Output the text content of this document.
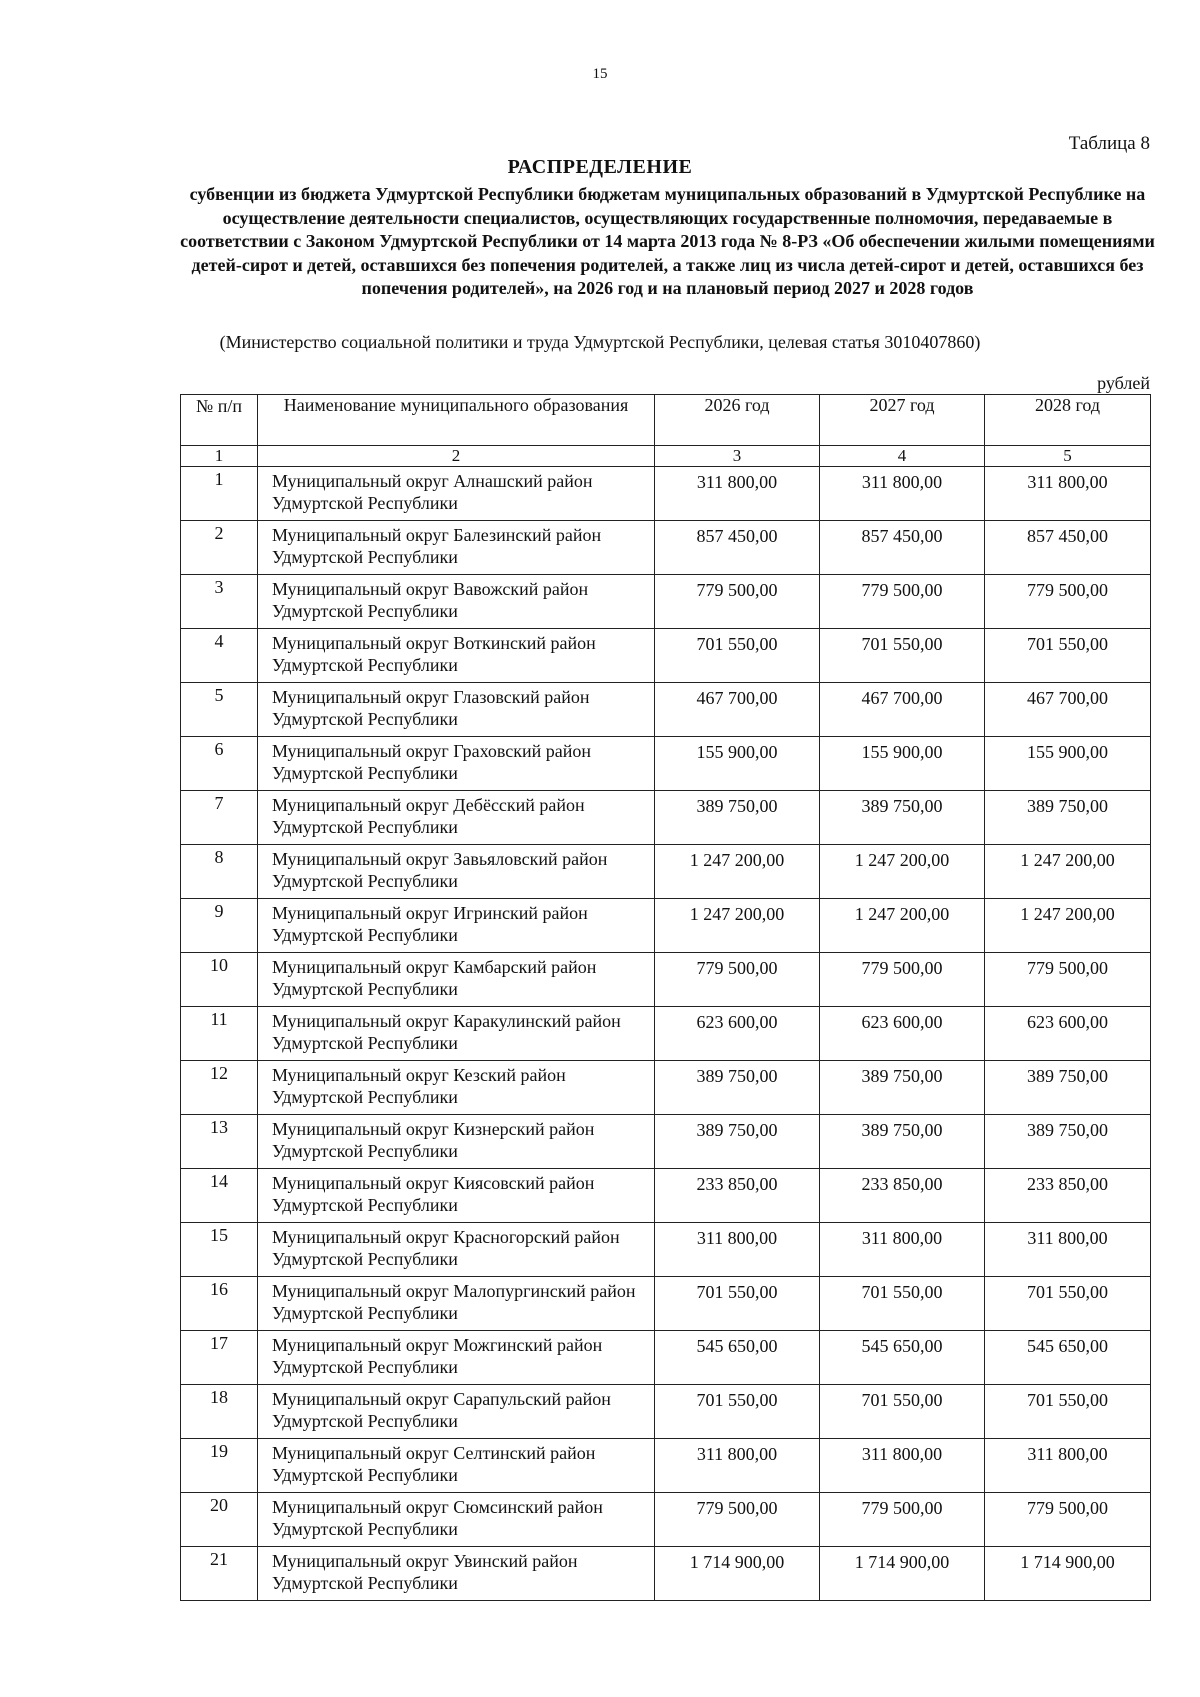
15
Таблица 8
РАСПРЕДЕЛЕНИЕ

субвенции из бюджета Удмуртской Республики бюджетам муниципальных образований в Удмуртской Республике на осуществление деятельности специалистов, осуществляющих государственные полномочия, передаваемые в соответствии с Законом Удмуртской Республики от 14 марта 2013 года № 8-РЗ «Об обеспечении жилыми помещениями детей-сирот и детей, оставшихся без попечения родителей, а также лиц из числа детей-сирот и детей, оставшихся без попечения родителей», на 2026 год и на плановый период 2027 и 2028 годов

(Министерство социальной политики и труда Удмуртской Республики, целевая статья 3010407860)
рублей
№ п/п	Наименование муниципального образования	2026 год	2027 год	2028 год
1	2	3	4	5
1	Муниципальный округ Алнашский район Удмуртской Республики	311 800,00	311 800,00	311 800,00
2	Муниципальный округ Балезинский район Удмуртской Республики	857 450,00	857 450,00	857 450,00
3	Муниципальный округ Вавожский район Удмуртской Республики	779 500,00	779 500,00	779 500,00
4	Муниципальный округ Воткинский район Удмуртской Республики	701 550,00	701 550,00	701 550,00
5	Муниципальный округ Глазовский район Удмуртской Республики	467 700,00	467 700,00	467 700,00
6	Муниципальный округ Граховский район Удмуртской Республики	155 900,00	155 900,00	155 900,00
7	Муниципальный округ Дебёсский район Удмуртской Республики	389 750,00	389 750,00	389 750,00
8	Муниципальный округ Завьяловский район Удмуртской Республики	1 247 200,00	1 247 200,00	1 247 200,00
9	Муниципальный округ Игринский район Удмуртской Республики	1 247 200,00	1 247 200,00	1 247 200,00
10	Муниципальный округ Камбарский район Удмуртской Республики	779 500,00	779 500,00	779 500,00
11	Муниципальный округ Каракулинский район Удмуртской Республики	623 600,00	623 600,00	623 600,00
12	Муниципальный округ Кезский район Удмуртской Республики	389 750,00	389 750,00	389 750,00
13	Муниципальный округ Кизнерский район Удмуртской Республики	389 750,00	389 750,00	389 750,00
14	Муниципальный округ Киясовский район Удмуртской Республики	233 850,00	233 850,00	233 850,00
15	Муниципальный округ Красногорский район Удмуртской Республики	311 800,00	311 800,00	311 800,00
16	Муниципальный округ Малопургинский район Удмуртской Республики	701 550,00	701 550,00	701 550,00
17	Муниципальный округ Можгинский район Удмуртской Республики	545 650,00	545 650,00	545 650,00
18	Муниципальный округ Сарапульский район Удмуртской Республики	701 550,00	701 550,00	701 550,00
19	Муниципальный округ Селтинский район Удмуртской Республики	311 800,00	311 800,00	311 800,00
20	Муниципальный округ Сюмсинский район Удмуртской Республики	779 500,00	779 500,00	779 500,00
21	Муниципальный округ Увинский район Удмуртской Республики	1 714 900,00	1 714 900,00	1 714 900,00
